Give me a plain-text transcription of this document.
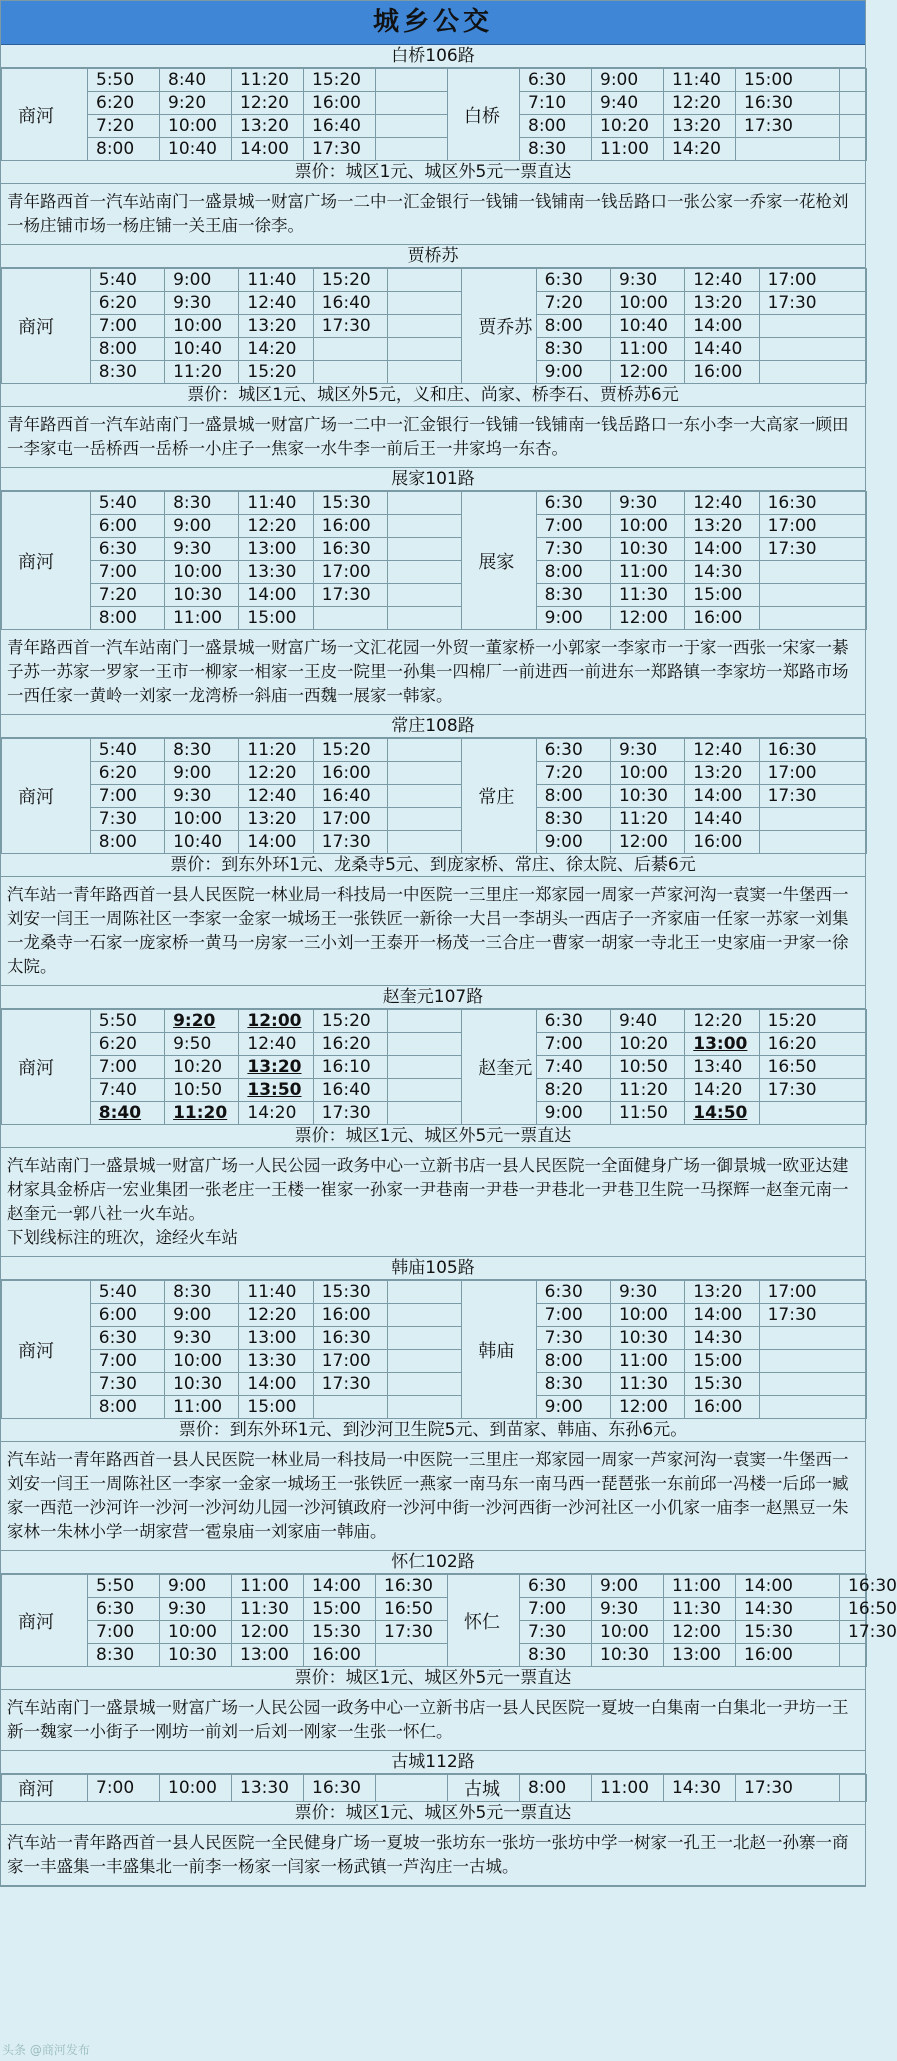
城乡公交
白桥106路
商河	5:50	8:40	11:20	15:20		白桥	6:30	9:00	11:40	15:00	
	6:20	9:20	12:20	16:00			7:10	9:40	12:20	16:30	
	7:20	10:00	13:20	16:40			8:00	10:20	13:20	17:30	
	8:00	10:40	14:00	17:30			8:30	11:00	14:20		
票价：城区1元、城区外5元一票直达
青年路西首一汽车站南门一盛景城一财富广场一二中一汇金银行一钱铺一钱铺南一钱岳路口一张公家一乔家一花枪刘一杨庄铺市场一杨庄铺一关王庙一徐李。
贾桥苏
商河	5:40	9:00	11:40	15:20		贾乔苏	6:30	9:30	12:40	17:00
	6:20	9:30	12:40	16:40			7:20	10:00	13:20	17:30
	7:00	10:00	13:20	17:30			8:00	10:40	14:00	
	8:00	10:40	14:20				8:30	11:00	14:40	
	8:30	11:20	15:20				9:00	12:00	16:00	
票价：城区1元、城区外5元，义和庄、尚家、桥李石、贾桥苏6元
青年路西首一汽车站南门一盛景城一财富广场一二中一汇金银行一钱铺一钱铺南一钱岳路口一东小李一大高家一顾田一李家屯一岳桥西一岳桥一小庄子一焦家一水牛李一前后王一井家坞一东杏。
展家101路
商河	5:40	8:30	11:40	15:30		展家	6:30	9:30	12:40	16:30
	6:00	9:00	12:20	16:00			7:00	10:00	13:20	17:00
	6:30	9:30	13:00	16:30			7:30	10:30	14:00	17:30
	7:00	10:00	13:30	17:00			8:00	11:00	14:30	
	7:20	10:30	14:00	17:30			8:30	11:30	15:00	
	8:00	11:00	15:00				9:00	12:00	16:00	
青年路西首一汽车站南门一盛景城一财富广场一文汇花园一外贸一董家桥一小郭家一李家市一于家一西张一宋家一綦子苏一苏家一罗家一王市一柳家一相家一王皮一院里一孙集一四棉厂一前进西一前进东一郑路镇一李家坊一郑路市场一西任家一黄岭一刘家一龙湾桥一斜庙一西魏一展家一韩家。
常庄108路
商河	5:40	8:30	11:20	15:20		常庄	6:30	9:30	12:40	16:30
	6:20	9:00	12:20	16:00			7:20	10:00	13:20	17:00
	7:00	9:30	12:40	16:40			8:00	10:30	14:00	17:30
	7:30	10:00	13:20	17:00			8:30	11:20	14:40	
	8:00	10:40	14:00	17:30			9:00	12:00	16:00	
票价：到东外环1元、龙桑寺5元、到庞家桥、常庄、徐太院、后綦6元
汽车站一青年路西首一县人民医院一林业局一科技局一中医院一三里庄一郑家园一周家一芦家河沟一袁窦一牛堡西一刘安一闫王一周陈社区一李家一金家一城场王一张铁匠一新徐一大吕一李胡头一西店子一齐家庙一任家一苏家一刘集一龙桑寺一石家一庞家桥一黄马一房家一三小刘一王泰开一杨茂一三合庄一曹家一胡家一寺北王一史家庙一尹家一徐太院。
赵奎元107路
商河	5:50	9:20	12:00	15:20		赵奎元	6:30	9:40	12:20	15:20
	6:20	9:50	12:40	16:20			7:00	10:20	13:00	16:20
	7:00	10:20	13:20	16:10			7:40	10:50	13:40	16:50
	7:40	10:50	13:50	16:40			8:20	11:20	14:20	17:30
	8:40	11:20	14:20	17:30			9:00	11:50	14:50	
票价：城区1元、城区外5元一票直达
汽车站南门一盛景城一财富广场一人民公园一政务中心一立新书店一县人民医院一全面健身广场一御景城一欧亚达建材家具金桥店一宏业集团一张老庄一王楼一崔家一孙家一尹巷南一尹巷一尹巷北一尹巷卫生院一马探辉一赵奎元南一赵奎元一郭八社一火车站。
下划线标注的班次，途经火车站
韩庙105路
商河	5:40	8:30	11:40	15:30		韩庙	6:30	9:30	13:20	17:00
	6:00	9:00	12:20	16:00			7:00	10:00	14:00	17:30
	6:30	9:30	13:00	16:30			7:30	10:30	14:30	
	7:00	10:00	13:30	17:00			8:00	11:00	15:00	
	7:30	10:30	14:00	17:30			8:30	11:30	15:30	
	8:00	11:00	15:00				9:00	12:00	16:00	
票价：到东外环1元、到沙河卫生院5元、到苗家、韩庙、东孙6元。
汽车站一青年路西首一县人民医院一林业局一科技局一中医院一三里庄一郑家园一周家一芦家河沟一袁窦一牛堡西一刘安一闫王一周陈社区一李家一金家一城场王一张铁匠一燕家一南马东一南马西一琵琶张一东前邱一冯楼一后邱一臧家一西范一沙河许一沙河一沙河幼儿园一沙河镇政府一沙河中街一沙河西街一沙河社区一小仉家一庙李一赵黑豆一朱家林一朱林小学一胡家营一雹泉庙一刘家庙一韩庙。
怀仁102路
商河	5:50	9:00	11:00	14:00	16:30	怀仁	6:30	9:00	11:00	14:00	16:30
	6:30	9:30	11:30	15:00	16:50		7:00	9:30	11:30	14:30	16:50
	7:00	10:00	12:00	15:30	17:30		7:30	10:00	12:00	15:30	17:30
	8:30	10:30	13:00	16:00			8:30	10:30	13:00	16:00	
票价：城区1元、城区外5元一票直达
汽车站南门一盛景城一财富广场一人民公园一政务中心一立新书店一县人民医院一夏坡一白集南一白集北一尹坊一王新一魏家一小街子一刚坊一前刘一后刘一刚家一生张一怀仁。
古城112路
商河	7:00	10:00	13:30	16:30		古城	8:00	11:00	14:30	17:30	
票价：城区1元、城区外5元一票直达
汽车站一青年路西首一县人民医院一全民健身广场一夏坡一张坊东一张坊一张坊中学一树家一孔王一北赵一孙寨一商家一丰盛集一丰盛集北一前李一杨家一闫家一杨武镇一芦沟庄一古城。
头条 @商河发布
